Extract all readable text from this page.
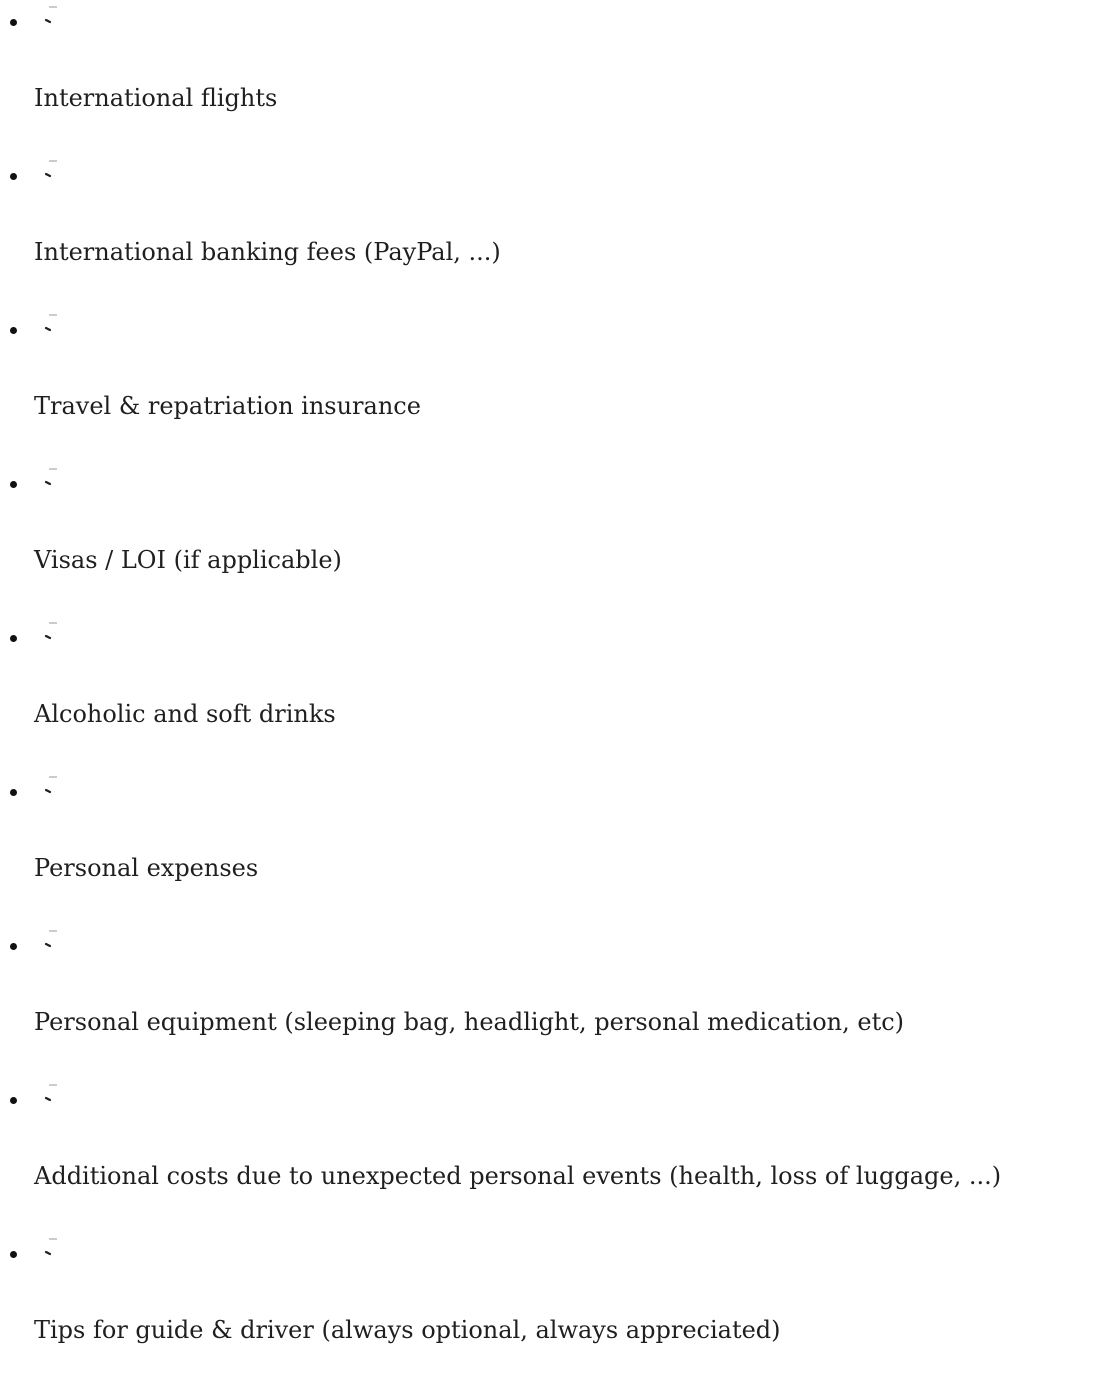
International flights
International banking fees (PayPal, ...)
Travel & repatriation insurance
Visas / LOI (if applicable)
Alcoholic and soft drinks
Personal expenses
Personal equipment (sleeping bag, headlight, personal medication, etc)
Additional costs due to unexpected personal events (health, loss of luggage, ...)
Tips for guide & driver (always optional, always appreciated)
